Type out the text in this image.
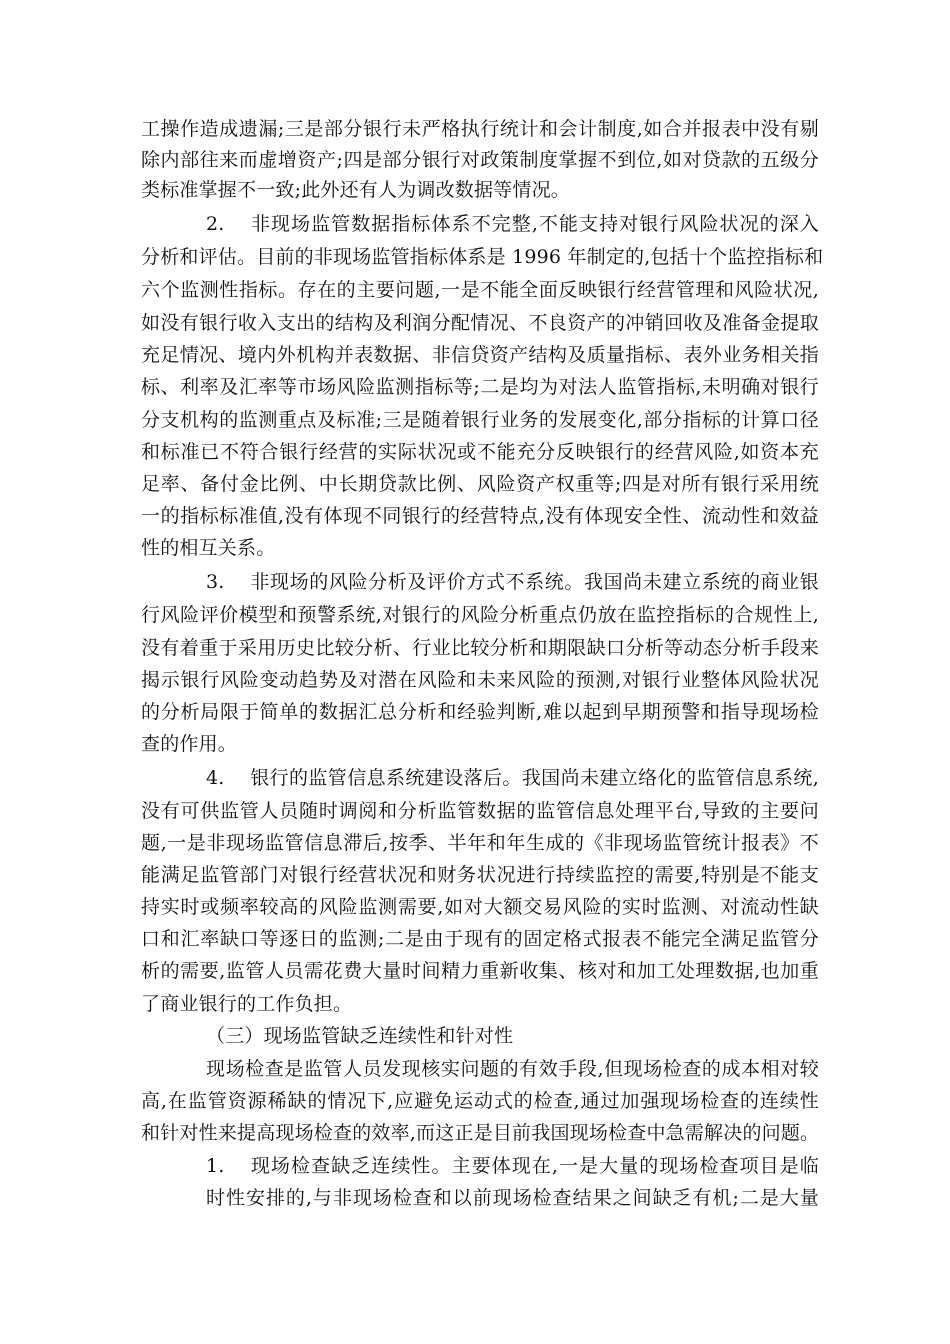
工操作造成遗漏;三是部分银行未严格执行统计和会计制度,如合并报表中没有剔
除内部往来而虚增资产;四是部分银行对政策制度掌握不到位,如对贷款的五级分
类标准掌握不一致;此外还有人为调改数据等情况。
2. 非现场监管数据指标体系不完整,不能支持对银行风险状况的深入
分析和评估。目前的非现场监管指标体系是 1996 年制定的,包括十个监控指标和
六个监测性指标。存在的主要问题,一是不能全面反映银行经营管理和风险状况,
如没有银行收入支出的结构及利润分配情况、不良资产的冲销回收及准备金提取
充足情况、境内外机构并表数据、非信贷资产结构及质量指标、表外业务相关指
标、利率及汇率等市场风险监测指标等;二是均为对法人监管指标,未明确对银行
分支机构的监测重点及标准;三是随着银行业务的发展变化,部分指标的计算口径
和标准已不符合银行经营的实际状况或不能充分反映银行的经营风险,如资本充
足率、备付金比例、中长期贷款比例、风险资产权重等;四是对所有银行采用统
一的指标标准值,没有体现不同银行的经营特点,没有体现安全性、流动性和效益
性的相互关系。
3. 非现场的风险分析及评价方式不系统。我国尚未建立系统的商业银
行风险评价模型和预警系统,对银行的风险分析重点仍放在监控指标的合规性上,
没有着重于采用历史比较分析、行业比较分析和期限缺口分析等动态分析手段来
揭示银行风险变动趋势及对潜在风险和未来风险的预测,对银行业整体风险状况
的分析局限于简单的数据汇总分析和经验判断,难以起到早期预警和指导现场检
查的作用。
4. 银行的监管信息系统建设落后。我国尚未建立络化的监管信息系统,
没有可供监管人员随时调阅和分析监管数据的监管信息处理平台,导致的主要问
题,一是非现场监管信息滞后,按季、半年和年生成的《非现场监管统计报表》不
能满足监管部门对银行经营状况和财务状况进行持续监控的需要,特别是不能支
持实时或频率较高的风险监测需要,如对大额交易风险的实时监测、对流动性缺
口和汇率缺口等逐日的监测;二是由于现有的固定格式报表不能完全满足监管分
析的需要,监管人员需花费大量时间精力重新收集、核对和加工处理数据,也加重
了商业银行的工作负担。
（三）现场监管缺乏连续性和针对性
现场检查是监管人员发现核实问题的有效手段,但现场检查的成本相对较
高,在监管资源稀缺的情况下,应避免运动式的检查,通过加强现场检查的连续性
和针对性来提高现场检查的效率,而这正是目前我国现场检查中急需解决的问题。
1. 现场检查缺乏连续性。主要体现在,一是大量的现场检查项目是临
时性安排的,与非现场检查和以前现场检查结果之间缺乏有机;二是大量
